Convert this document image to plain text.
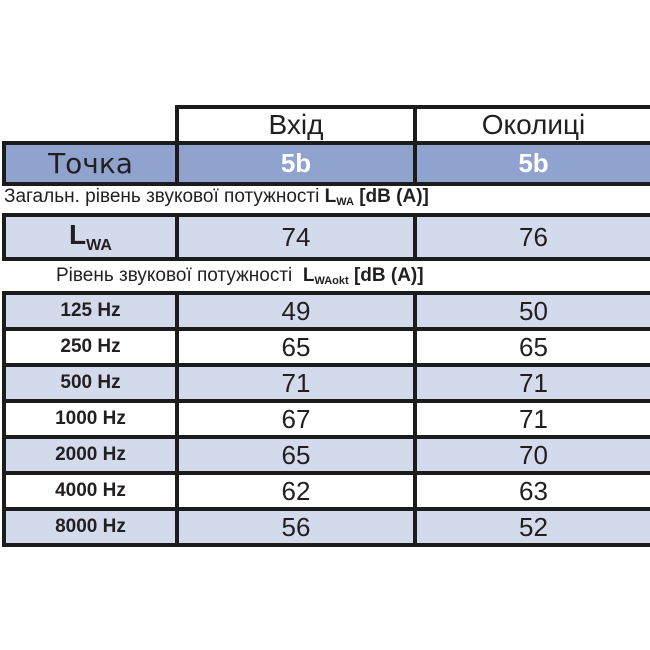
	Вхід	Околиці
Точка	5b	5b
Загальн. рівень звукової потужності $L_{WA}$ [dB (A)]
$L_{WA}$	74	76
Рівень звукової потужності $L_{WAokt}$ [dB (A)]
125 Hz	49	50
250 Hz	65	65
500 Hz	71	71
1000 Hz	67	71
2000 Hz	65	70
4000 Hz	62	63
8000 Hz	56	52
